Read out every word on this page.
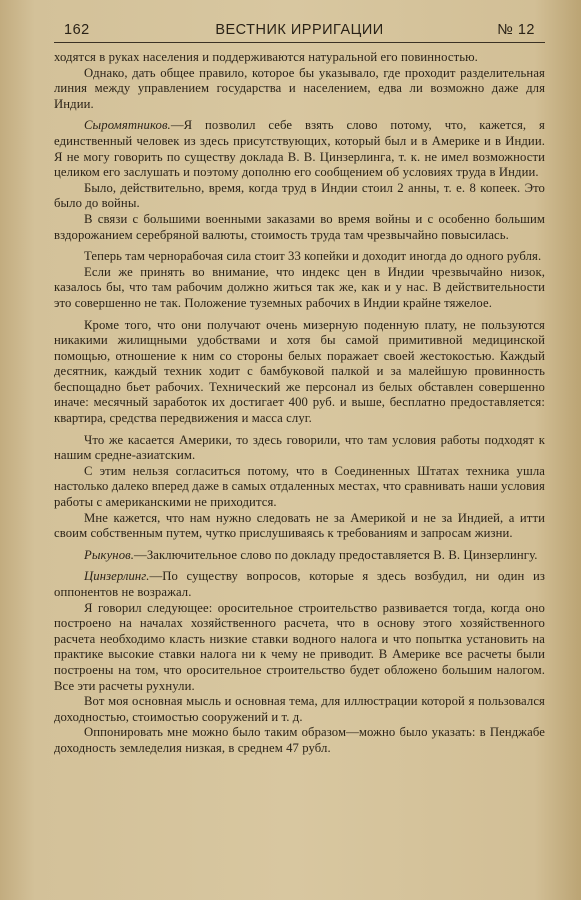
162	ВЕСТНИК ИРРИГАЦИИ	№ 12

ходятся в руках населения и поддерживаются натуральной его повинностью.

Однако, дать общее правило, которое бы указывало, где проходит разделительная линия между управлением государства и населением, едва ли возможно даже для Индии.

Сыромятников.—Я позволил себе взять слово потому, что, кажется, я единственный человек из здесь присутствующих, который был и в Америке и в Индии. Я не могу говорить по существу доклада В. В. Цинзерлинга, т. к. не имел возможности целиком его заслушать и поэтому дополню его сообщением об условиях труда в Индии.

Было, действительно, время, когда труд в Индии стоил 2 анны, т. е. 8 копеек. Это было до войны.

В связи с большими военными заказами во время войны и с особенно большим вздорожанием серебряной валюты, стоимость труда там чрезвычайно повысилась.

Теперь там чернорабочая сила стоит 33 копейки и доходит иногда до одного рубля.

Если же принять во внимание, что индекс цен в Индии чрезвычайно низок, казалось бы, что там рабочим должно житься так же, как и у нас. В действительности это совершенно не так. Положение туземных рабочих в Индии крайне тяжелое.

Кроме того, что они получают очень мизерную поденную плату, не пользуются никакими жилищными удобствами и хотя бы самой примитивной медицинской помощью, отношение к ним со стороны белых поражает своей жестокостью. Каждый десятник, каждый техник ходит с бамбуковой палкой и за малейшую провинность беспощадно бьет рабочих. Технический же персонал из белых обставлен совершенно иначе: месячный заработок их достигает 400 руб. и выше, бесплатно предоставляется: квартира, средства передвижения и масса слуг.

Что же касается Америки, то здесь говорили, что там условия работы подходят к нашим средне-азиатским.

С этим нельзя согласиться потому, что в Соединенных Штатах техника ушла настолько далеко вперед даже в самых отдаленных местах, что сравнивать наши условия работы с американскими не приходится.

Мне кажется, что нам нужно следовать не за Америкой и не за Индией, а итти своим собственным путем, чутко прислушиваясь к требованиям и запросам жизни.

Рыкунов.—Заключительное слово по докладу предоставляется В. В. Цинзерлингу.

Цинзерлинг.—По существу вопросов, которые я здесь возбудил, ни один из оппонентов не возражал.

Я говорил следующее: оросительное строительство развивается тогда, когда оно построено на началах хозяйственного расчета, что в основу этого хозяйственного расчета необходимо класть низкие ставки водного налога и что попытка установить на практике высокие ставки налога ни к чему не приводит. В Америке все расчеты были построены на том, что оросительное строительство будет обложено большим налогом. Все эти расчеты рухнули.

Вот моя основная мысль и основная тема, для иллюстрации которой я пользовался доходностью, стоимостью сооружений и т. д.

Оппонировать мне можно было таким образом—можно было указать: в Пенджабе доходность земледелия низкая, в среднем 47 рубл.
